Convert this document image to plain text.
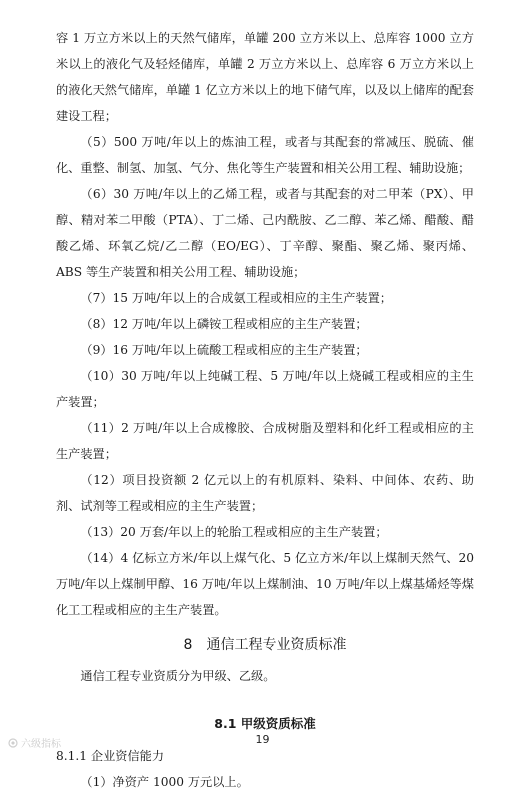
容 1 万立方米以上的天然气储库，单罐 200 立方米以上、总库容 1000 立方米以上的液化气及轻烃储库，单罐 2 万立方米以上、总库容 6 万立方米以上的液化天然气储库，单罐 1 亿立方米以上的地下储气库，以及以上储库的配套建设工程；

（5）500 万吨/年以上的炼油工程，或者与其配套的常减压、脱硫、催化、重整、制氢、加氢、气分、焦化等生产装置和相关公用工程、辅助设施；

（6）30 万吨/年以上的乙烯工程，或者与其配套的对二甲苯（PX）、甲醇、精对苯二甲酸（PTA）、丁二烯、己内酰胺、乙二醇、苯乙烯、醋酸、醋酸乙烯、环氧乙烷/乙二醇（EO/EG）、丁辛醇、聚酯、聚乙烯、聚丙烯、ABS 等生产装置和相关公用工程、辅助设施；

（7）15 万吨/年以上的合成氨工程或相应的主生产装置；

（8）12 万吨/年以上磷铵工程或相应的主生产装置；

（9）16 万吨/年以上硫酸工程或相应的主生产装置；

（10）30 万吨/年以上纯碱工程、5 万吨/年以上烧碱工程或相应的主生产装置；

（11）2 万吨/年以上合成橡胶、合成树脂及塑料和化纤工程或相应的主生产装置；

（12）项目投资额 2 亿元以上的有机原料、染料、中间体、农药、助剂、试剂等工程或相应的主生产装置；

（13）20 万套/年以上的轮胎工程或相应的主生产装置；

（14）4 亿标立方米/年以上煤气化、5 亿立方米/年以上煤制天然气、20 万吨/年以上煤制甲醇、16 万吨/年以上煤制油、10 万吨/年以上煤基烯烃等煤化工工程或相应的主生产装置。

8　通信工程专业资质标准

通信工程专业资质分为甲级、乙级。

8.1 甲级资质标准

8.1.1 企业资信能力

（1）净资产 1000 万元以上。

19
六级指标
